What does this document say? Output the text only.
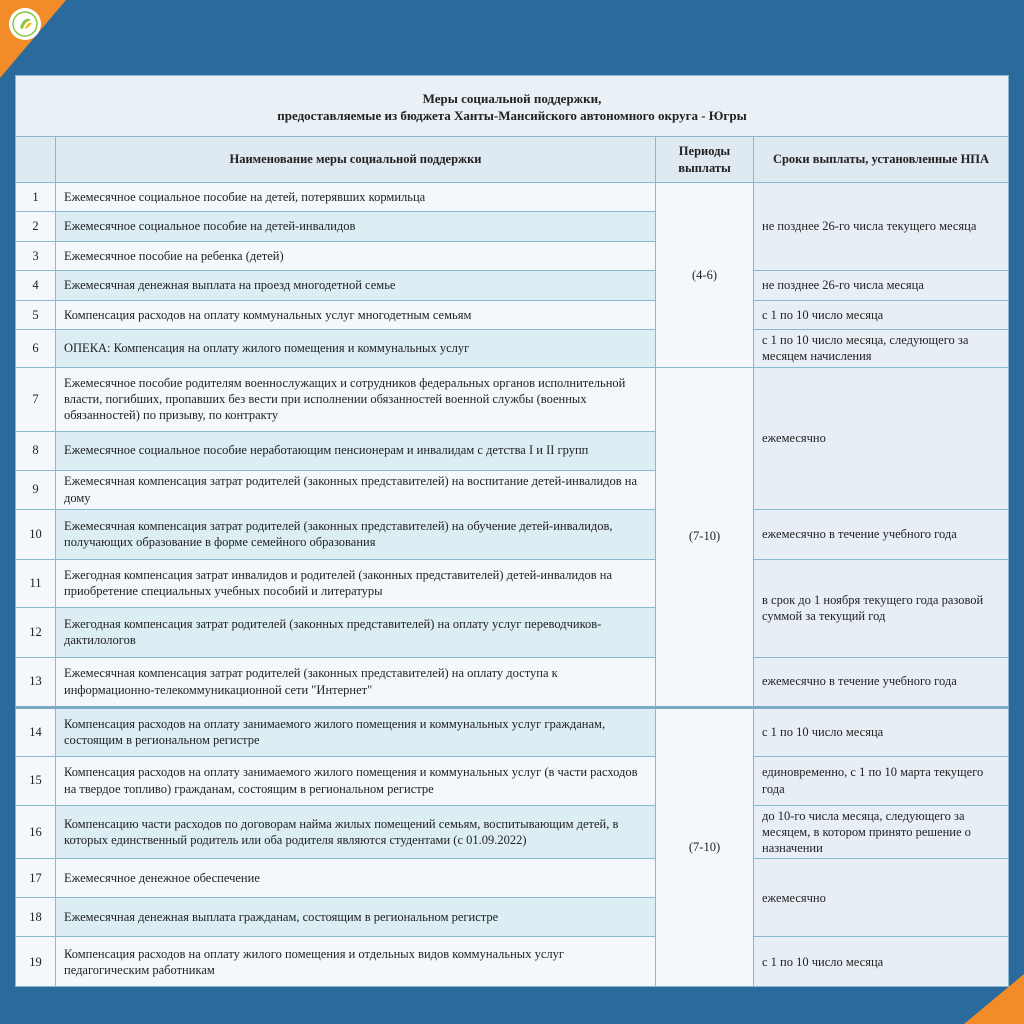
Меры социальной поддержки,
предоставляемые из бюджета Ханты-Мансийского автономного округа - Югры			

	Наименование меры социальной поддержки	Периоды выплаты	Сроки выплаты, установленные НПА
1	Ежемесячное социальное пособие на детей, потерявших кормильца	(4-6)	не позднее 26-го числа текущего месяца
2	Ежемесячное социальное пособие на детей-инвалидов		
3	Ежемесячное пособие на ребенка (детей)		
4	Ежемесячная денежная выплата на проезд многодетной семье		не позднее 26-го числа месяца
5	Компенсация расходов на оплату коммунальных услуг многодетным семьям		с 1 по 10 число месяца
6	ОПЕКА: Компенсация на оплату жилого помещения и коммунальных услуг		с 1 по 10 число месяца, следующего за месяцем начисления
7	Ежемесячное пособие родителям военнослужащих и сотрудников федеральных органов исполнительной власти, погибших, пропавших без вести при исполнении обязанностей военной службы (военных обязанностей) по призыву, по контракту	(7-10)	ежемесячно
8	Ежемесячное социальное пособие неработающим пенсионерам и инвалидам с детства I и II групп		
9	Ежемесячная компенсация затрат родителей (законных представителей) на воспитание детей-инвалидов на дому		
10	Ежемесячная компенсация затрат родителей (законных представителей) на обучение детей-инвалидов, получающих образование в форме семейного образования		ежемесячно в течение учебного года
11	Ежегодная компенсация затрат инвалидов и родителей (законных представителей) детей-инвалидов на приобретение специальных учебных пособий и литературы		в срок до 1 ноября текущего года разовой суммой за текущий год
12	Ежегодная компенсация затрат родителей (законных представителей) на оплату услуг переводчиков-дактилологов		
13	Ежемесячная компенсация затрат родителей (законных представителей) на оплату доступа к информационно-телекоммуникационной сети "Интернет"		ежемесячно в течение учебного года
14	Компенсация расходов на оплату занимаемого жилого помещения и коммунальных услуг гражданам, состоящим в региональном регистре	(7-10)	с 1 по 10 число месяца
15	Компенсация расходов на оплату занимаемого жилого помещения и коммунальных услуг (в части расходов на твердое топливо) гражданам, состоящим в региональном регистре		единовременно, с 1 по 10 марта текущего года
16	Компенсацию части расходов по договорам найма жилых помещений семьям, воспитывающим детей, в которых единственный родитель или оба родителя являются студентами (с 01.09.2022)		до 10-го числа месяца, следующего за месяцем, в котором принято решение о назначении
17	Ежемесячное денежное обеспечение		ежемесячно
18	Ежемесячная денежная выплата гражданам, состоящим в региональном регистре		
19	Компенсация расходов на оплату жилого помещения и отдельных видов коммунальных услуг педагогическим работникам		с 1 по 10 число месяца
